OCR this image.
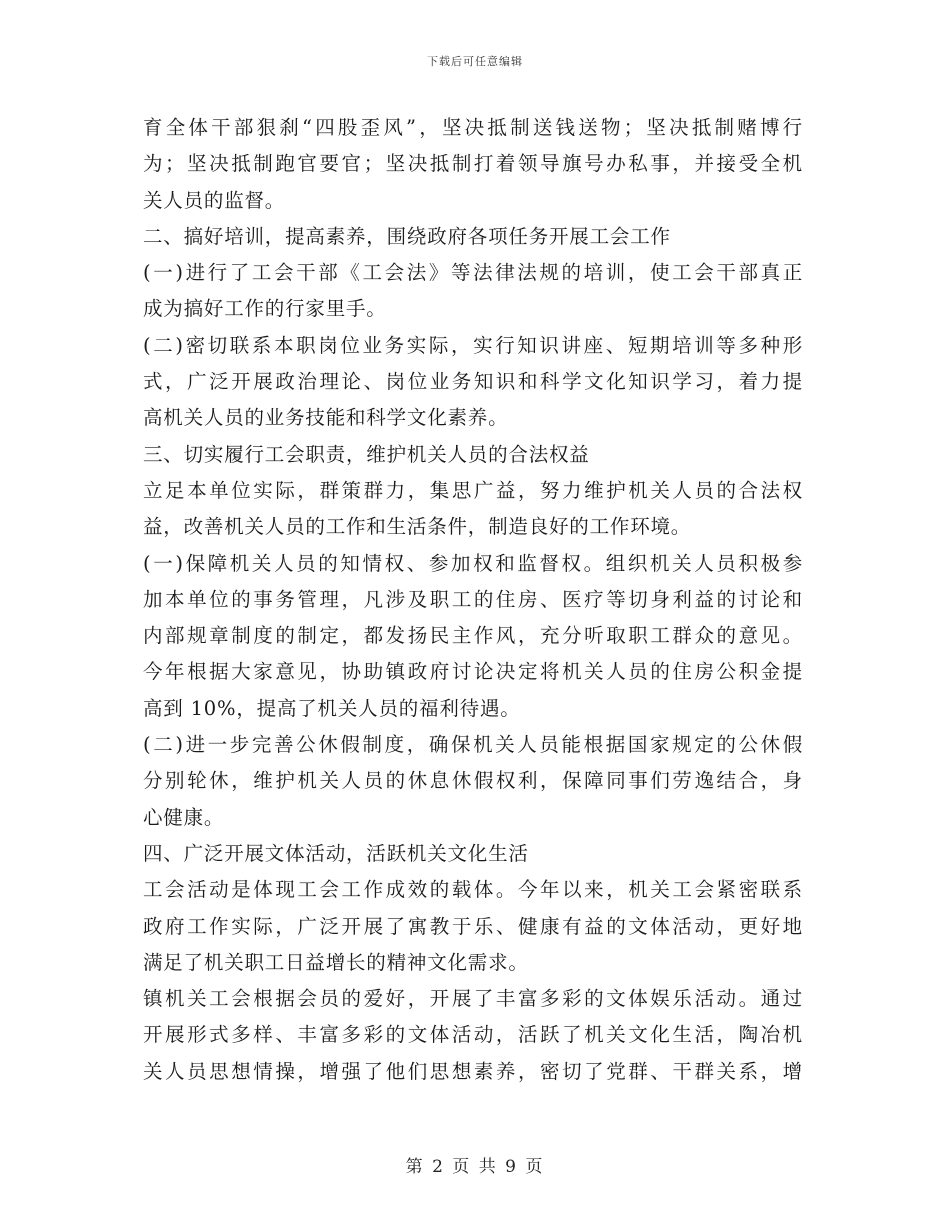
下载后可任意编辑
育全体干部狠刹“四股歪风”，坚决抵制送钱送物；坚决抵制赌博行
为；坚决抵制跑官要官；坚决抵制打着领导旗号办私事，并接受全机
关人员的监督。
二、搞好培训，提高素养，围绕政府各项任务开展工会工作
(一)进行了工会干部《工会法》等法律法规的培训，使工会干部真正
成为搞好工作的行家里手。
(二)密切联系本职岗位业务实际，实行知识讲座、短期培训等多种形
式，广泛开展政治理论、岗位业务知识和科学文化知识学习，着力提
高机关人员的业务技能和科学文化素养。
三、切实履行工会职责，维护机关人员的合法权益
立足本单位实际，群策群力，集思广益，努力维护机关人员的合法权
益，改善机关人员的工作和生活条件，制造良好的工作环境。
(一)保障机关人员的知情权、参加权和监督权。组织机关人员积极参
加本单位的事务管理，凡涉及职工的住房、医疗等切身利益的讨论和
内部规章制度的制定，都发扬民主作风，充分听取职工群众的意见。
今年根据大家意见，协助镇政府讨论决定将机关人员的住房公积金提
高到 10%，提高了机关人员的福利待遇。
(二)进一步完善公休假制度，确保机关人员能根据国家规定的公休假
分别轮休，维护机关人员的休息休假权利，保障同事们劳逸结合，身
心健康。
四、广泛开展文体活动，活跃机关文化生活
工会活动是体现工会工作成效的载体。今年以来，机关工会紧密联系
政府工作实际，广泛开展了寓教于乐、健康有益的文体活动，更好地
满足了机关职工日益增长的精神文化需求。
镇机关工会根据会员的爱好，开展了丰富多彩的文体娱乐活动。通过
开展形式多样、丰富多彩的文体活动，活跃了机关文化生活，陶冶机
关人员思想情操，增强了他们思想素养，密切了党群、干群关系，增
第 2 页 共 9 页
